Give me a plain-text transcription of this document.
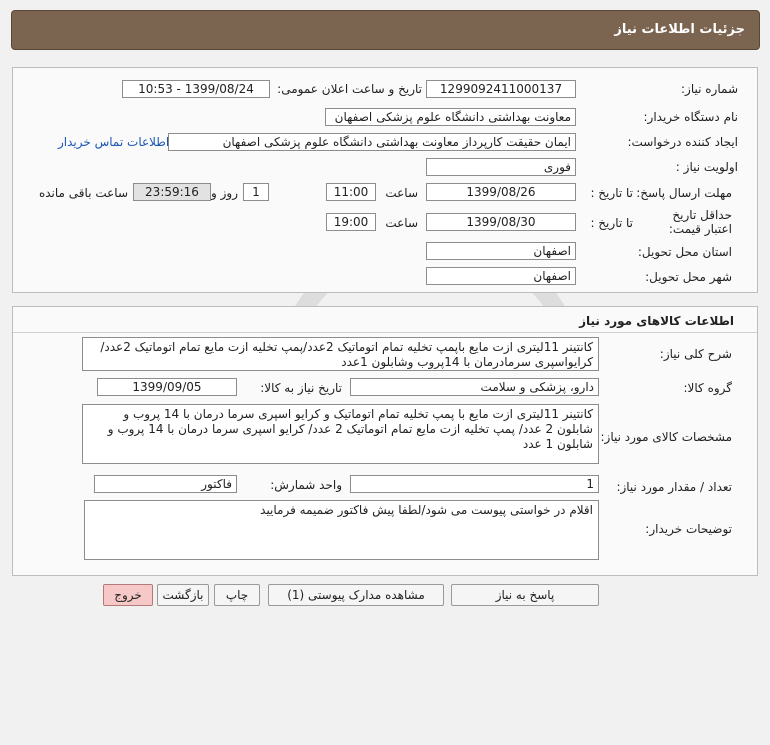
جزئیات اطلاعات نیاز
شماره نیاز:
1299092411000137
تاریخ و ساعت اعلان عمومی:
1399/08/24 - 10:53
نام دستگاه خریدار:
معاونت بهداشتی دانشگاه علوم پزشکی اصفهان
ایجاد کننده درخواست:
ایمان حقیقت کارپرداز معاونت بهداشتی دانشگاه علوم پزشکی اصفهان
اطلاعات تماس خریدار
اولویت نیاز :
فوری
مهلت ارسال پاسخ:
تا تاریخ :
1399/08/26
ساعت
11:00
1
روز و
23:59:16
ساعت باقی مانده
حداقل تاریخ اعتبار قیمت:
تا تاریخ :
1399/08/30
ساعت
19:00
استان محل تحویل:
اصفهان
شهر محل تحویل:
اصفهان
اطلاعات کالاهای مورد نیاز
شرح کلی نیاز:
کانتینر 11لیتری ازت مایع باپمپ تخلیه تمام اتوماتیک 2عدد/پمپ تخلیه ازت مایع تمام اتوماتیک 2عدد/کرایواسپری سرمادرمان با 14پروب وشابلون 1عدد
گروه کالا:
دارو، پزشکی و سلامت
تاریخ نیاز به کالا:
1399/09/05
مشخصات کالای مورد نیاز:
کانتینر 11لیتری ازت مایع با پمپ تخلیه تمام اتوماتیک و کرایو اسپری سرما درمان با 14 پروب و شابلون 2 عدد/ پمپ تخلیه ازت مایع تمام اتوماتیک 2 عدد/ کرایو اسپری سرما درمان با 14 پروب و شابلون 1 عدد
تعداد / مقدار مورد نیاز:
1
واحد شمارش:
فاکتور
توضیحات خریدار:
اقلام در خواستی پیوست می شود/لطفا پیش فاکتور ضمیمه فرمایید
پاسخ به نیاز
مشاهده مدارک پیوستی (1)
چاپ
بازگشت
خروج
